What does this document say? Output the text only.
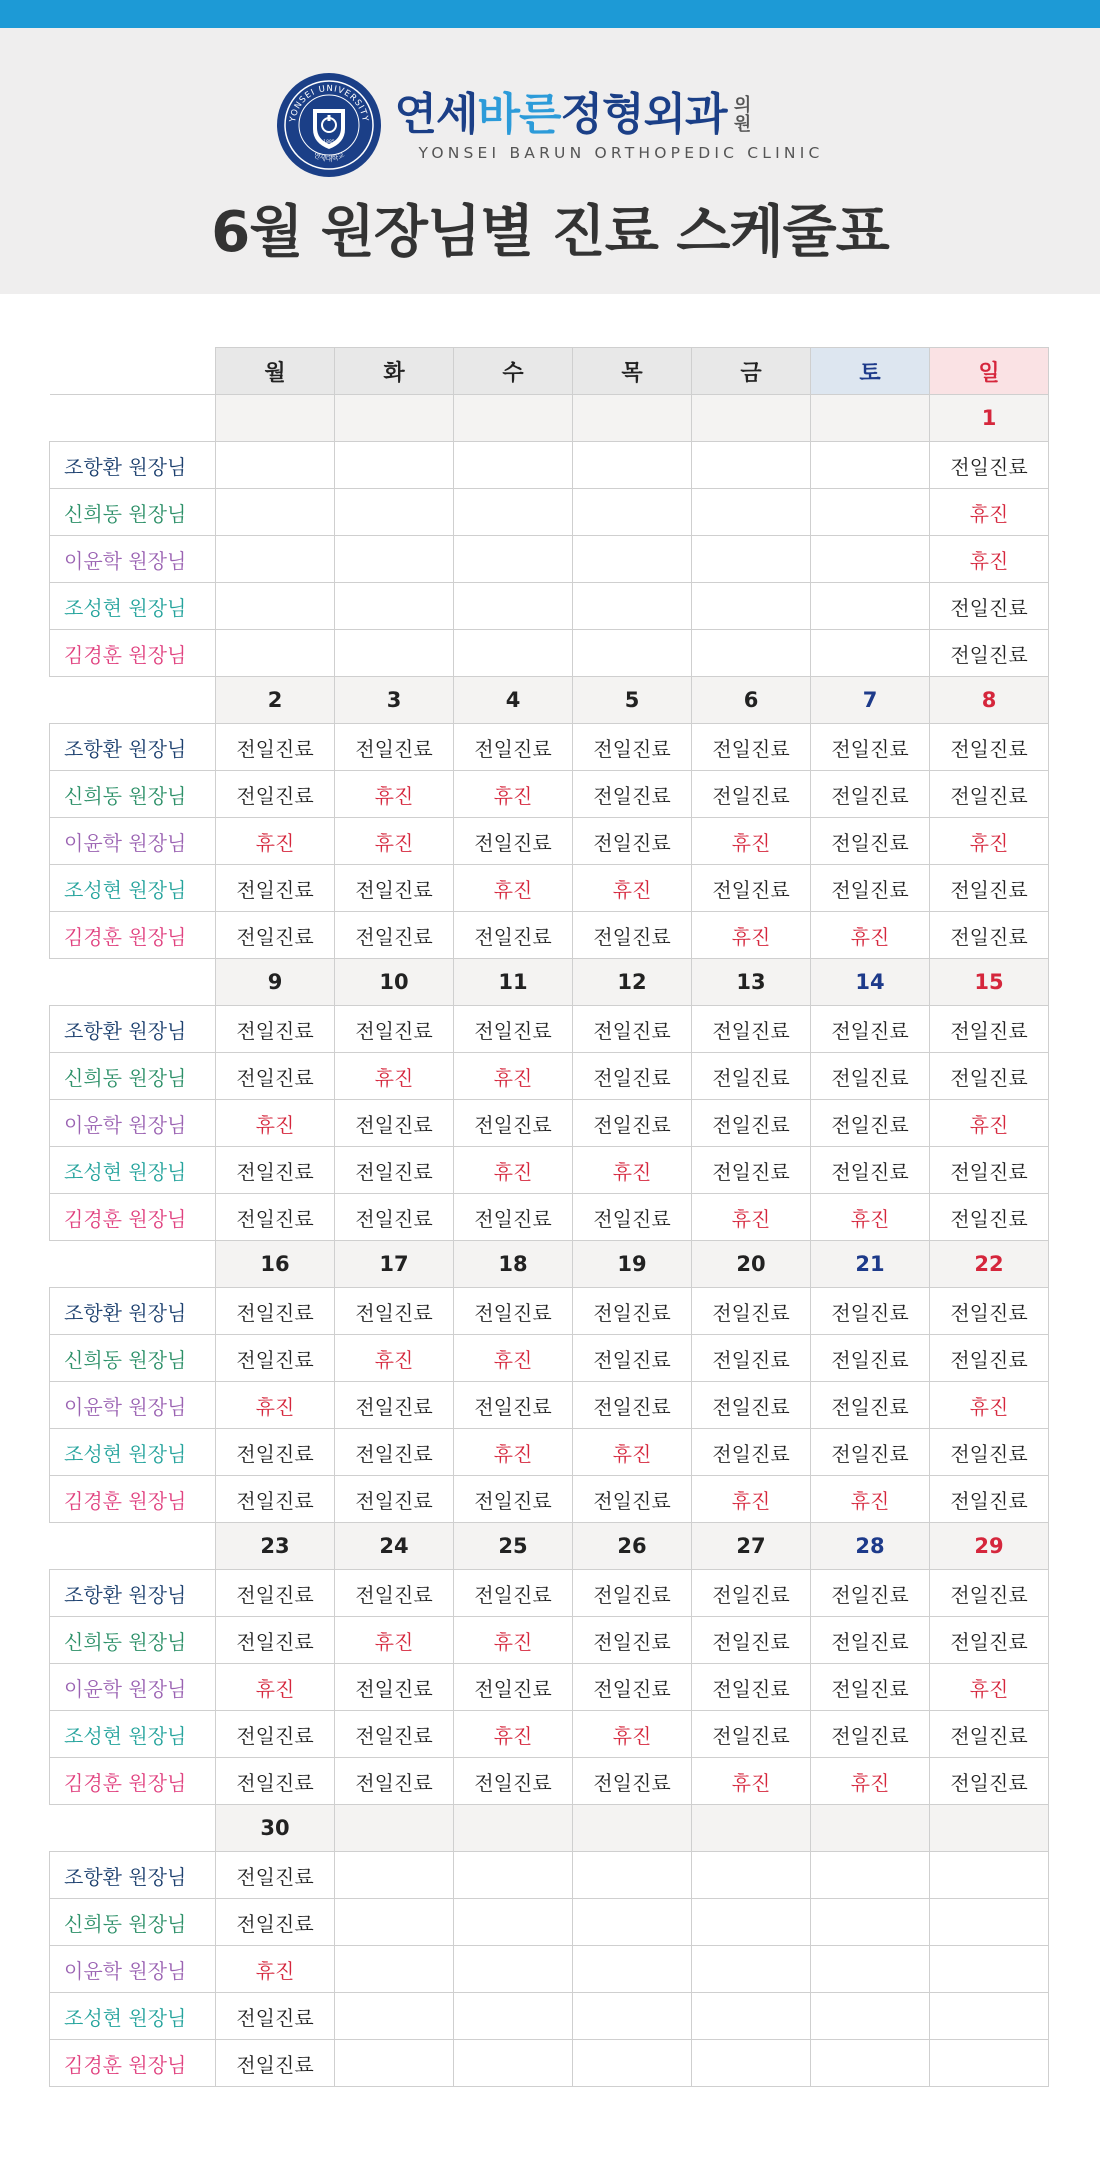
YONSEI UNIVERSITY
연세대학교
1885
연세바른정형외과 의
원
YONSEI BARUN ORTHOPEDIC CLINIC
6월 원장님별 진료 스케줄표
	월	화	수	목	금	토	일
							1
조항환 원장님							전일진료
신희동 원장님							휴진
이윤학 원장님							휴진
조성현 원장님							전일진료
김경훈 원장님							전일진료
	2	3	4	5	6	7	8
조항환 원장님	전일진료	전일진료	전일진료	전일진료	전일진료	전일진료	전일진료
신희동 원장님	전일진료	휴진	휴진	전일진료	전일진료	전일진료	전일진료
이윤학 원장님	휴진	휴진	전일진료	전일진료	휴진	전일진료	휴진
조성현 원장님	전일진료	전일진료	휴진	휴진	전일진료	전일진료	전일진료
김경훈 원장님	전일진료	전일진료	전일진료	전일진료	휴진	휴진	전일진료
	9	10	11	12	13	14	15
조항환 원장님	전일진료	전일진료	전일진료	전일진료	전일진료	전일진료	전일진료
신희동 원장님	전일진료	휴진	휴진	전일진료	전일진료	전일진료	전일진료
이윤학 원장님	휴진	전일진료	전일진료	전일진료	전일진료	전일진료	휴진
조성현 원장님	전일진료	전일진료	휴진	휴진	전일진료	전일진료	전일진료
김경훈 원장님	전일진료	전일진료	전일진료	전일진료	휴진	휴진	전일진료
	16	17	18	19	20	21	22
조항환 원장님	전일진료	전일진료	전일진료	전일진료	전일진료	전일진료	전일진료
신희동 원장님	전일진료	휴진	휴진	전일진료	전일진료	전일진료	전일진료
이윤학 원장님	휴진	전일진료	전일진료	전일진료	전일진료	전일진료	휴진
조성현 원장님	전일진료	전일진료	휴진	휴진	전일진료	전일진료	전일진료
김경훈 원장님	전일진료	전일진료	전일진료	전일진료	휴진	휴진	전일진료
	23	24	25	26	27	28	29
조항환 원장님	전일진료	전일진료	전일진료	전일진료	전일진료	전일진료	전일진료
신희동 원장님	전일진료	휴진	휴진	전일진료	전일진료	전일진료	전일진료
이윤학 원장님	휴진	전일진료	전일진료	전일진료	전일진료	전일진료	휴진
조성현 원장님	전일진료	전일진료	휴진	휴진	전일진료	전일진료	전일진료
김경훈 원장님	전일진료	전일진료	전일진료	전일진료	휴진	휴진	전일진료
	30						
조항환 원장님	전일진료						
신희동 원장님	전일진료						
이윤학 원장님	휴진						
조성현 원장님	전일진료						
김경훈 원장님	전일진료						
